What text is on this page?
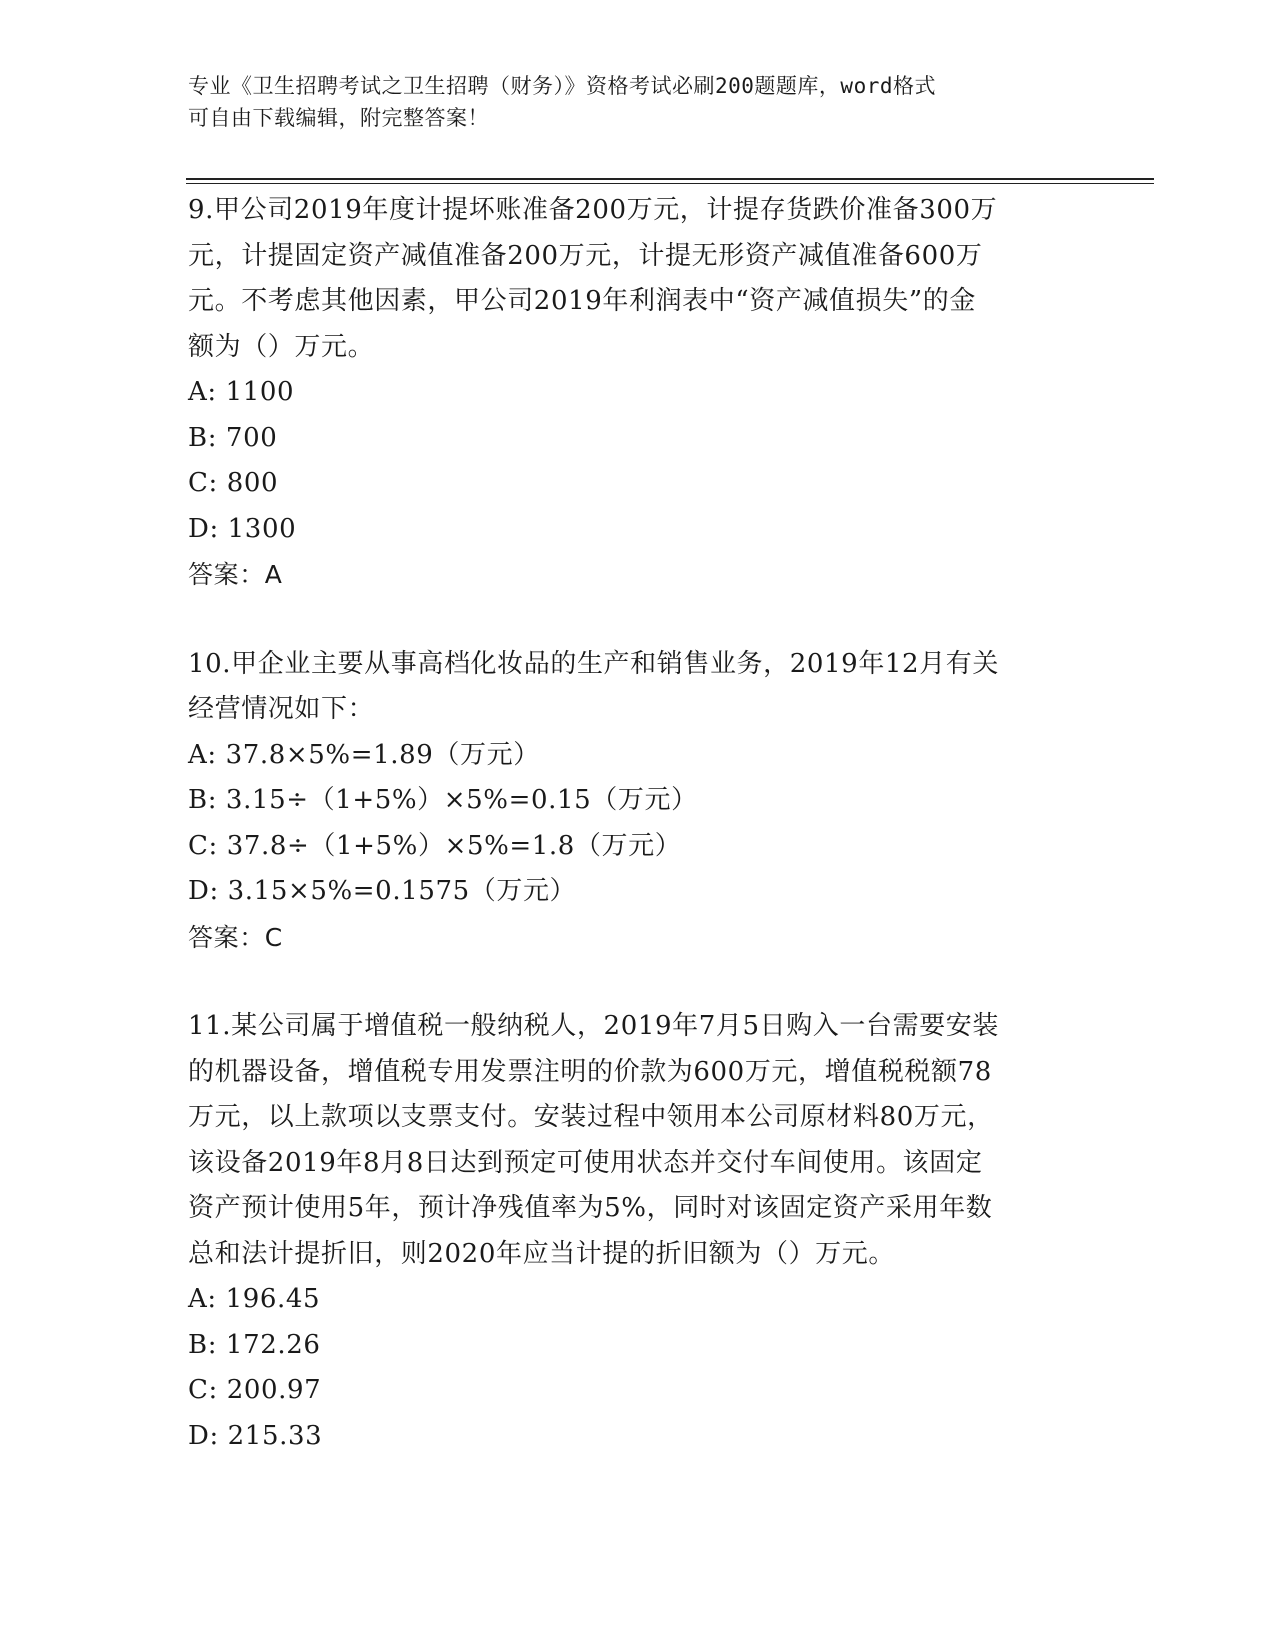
专业《卫生招聘考试之卫生招聘（财务）》资格考试必刷200题题库，word格式
可自由下载编辑，附完整答案！
9.甲公司2019年度计提坏账准备200万元，计提存货跌价准备300万
元，计提固定资产减值准备200万元，计提无形资产减值准备600万
元。不考虑其他因素，甲公司2019年利润表中“资产减值损失”的金
额为（）万元。
A: 1100
B: 700
C: 800
D: 1300
答案：A
10.甲企业主要从事高档化妆品的生产和销售业务，2019年12月有关
经营情况如下：
A: 37.8×5%=1.89（万元）
B: 3.15÷（1+5%）×5%=0.15（万元）
C: 37.8÷（1+5%）×5%=1.8（万元）
D: 3.15×5%=0.1575（万元）
答案：C
11.某公司属于增值税一般纳税人，2019年7月5日购入一台需要安装
的机器设备，增值税专用发票注明的价款为600万元，增值税税额78
万元，以上款项以支票支付。安装过程中领用本公司原材料80万元，
该设备2019年8月8日达到预定可使用状态并交付车间使用。该固定
资产预计使用5年，预计净残值率为5%，同时对该固定资产采用年数
总和法计提折旧，则2020年应当计提的折旧额为（）万元。
A: 196.45
B: 172.26
C: 200.97
D: 215.33
